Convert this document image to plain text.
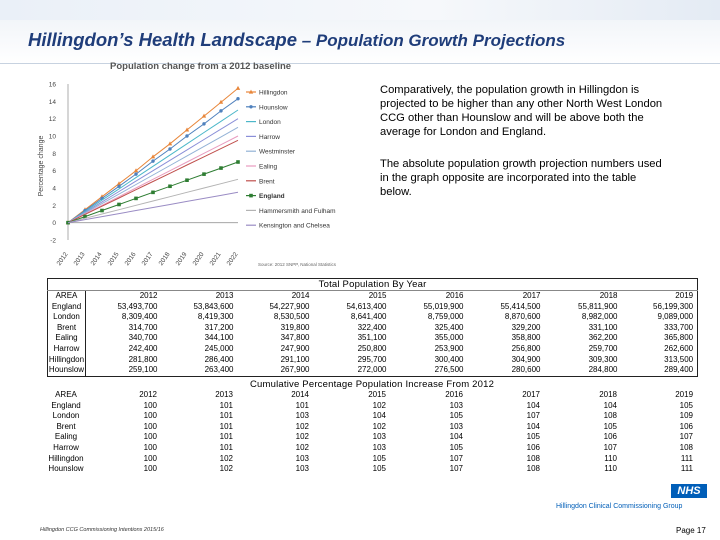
Hillingdon’s Health Landscape – Population Growth Projections
Population change from a 2012 baseline
Percentage change
-2
0
2
4
6
8
10
12
14
16
2012 2013 2014 2015 2016 2017 2018 2019 2020 2021 2022
Hillingdon
Hounslow
London
Harrow
Westminster
Ealing
Brent
England
Hammersmith and Fulham
Kensington and Chelsea
Source: 2012 SNPP, National Statistics
Comparatively, the population growth in Hillingdon is projected to be higher than any other North West London CCG other than Hounslow and will be above both the average for London and England.
The absolute population growth projection numbers used in the graph opposite are incorporated into the table below.
Total Population By Year								
AREA	2012	2013	2014	2015	2016	2017	2018	2019
England	53,493,700	53,843,600	54,227,900	54,613,400	55,019,900	55,414,500	55,811,900	56,199,300
London	8,309,400	8,419,300	8,530,500	8,641,400	8,759,000	8,870,600	8,982,000	9,089,000
Brent	314,700	317,200	319,800	322,400	325,400	329,200	331,100	333,700
Ealing	340,700	344,100	347,800	351,100	355,000	358,800	362,200	365,800
Harrow	242,400	245,000	247,900	250,800	253,900	256,800	259,700	262,600
Hillingdon	281,800	286,400	291,100	295,700	300,400	304,900	309,300	313,500
Hounslow	259,100	263,400	267,900	272,000	276,500	280,600	284,800	289,400
Cumulative Percentage Population Increase From 2012								
AREA	2012	2013	2014	2015	2016	2017	2018	2019
England	100	101	101	102	103	104	104	105
London	100	101	103	104	105	107	108	109
Brent	100	101	102	102	103	104	105	106
Ealing	100	101	102	103	104	105	106	107
Harrow	100	101	102	103	105	106	107	108
Hillingdon	100	102	103	105	107	108	110	111
Hounslow	100	102	103	105	107	108	110	111
NHS
Hillingdon Clinical Commissioning Group
Hillingdon CCG Commissioning Intentions 2015/16	Page 17
